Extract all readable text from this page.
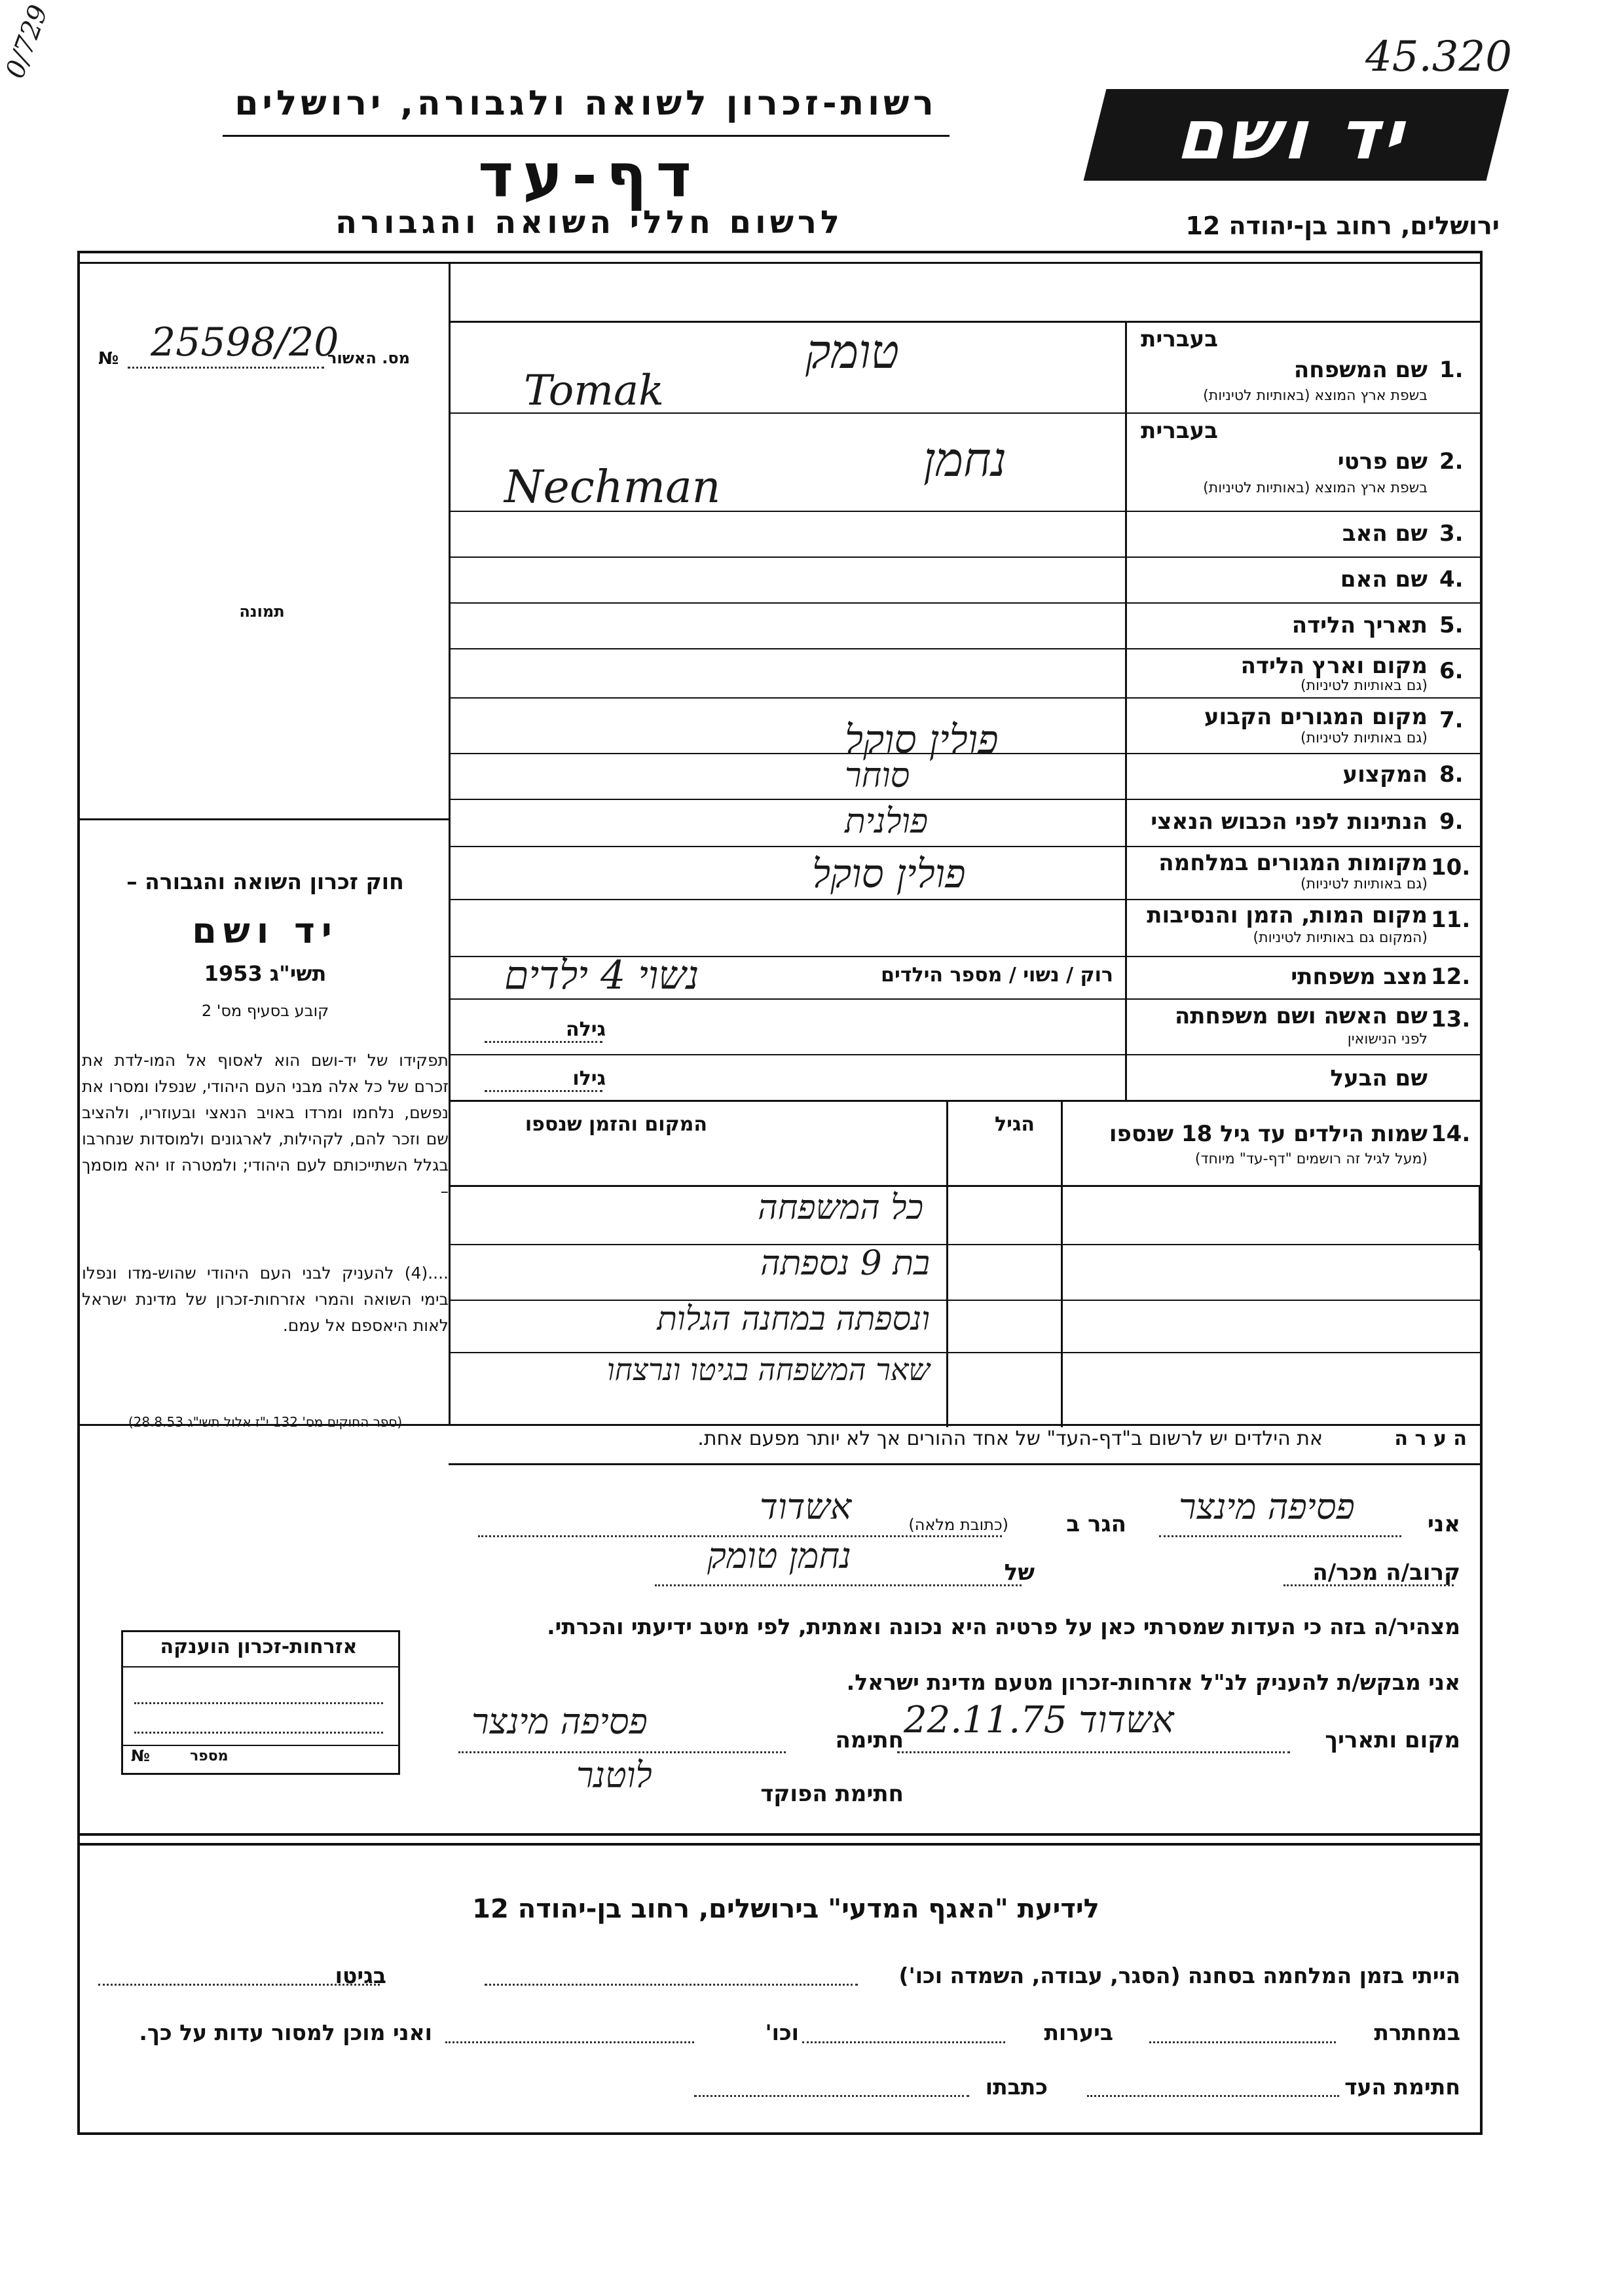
45.320
0/729
רשות-זכרון לשואה ולגבורה, ירושלים
דף-עד
לרשום חללי השואה והגבורה
יד ושם
ירושלים, רחוב בן-יהודה 12
25598/20
מס. האשור
№
תמונה
חוק זכרון השואה והגבורה –
יד ושם
תשי"ג 1953
קובע בסעיף מס' 2
תפקידו של יד-ושם הוא לאסוף אל המו-לדת את זכרם של כל אלה מבני העם היהודי, שנפלו ומסרו את נפשם, נלחמו ומרדו באויב הנאצי ובעוזריו, ולהציב שם וזכר להם, לקהילות, לארגונים ולמוסדות שנחרבו בגלל השתייכותם לעם היהודי; ולמטרה זו יהא מוסמך –
....(4) להעניק לבני העם היהודי שהוש-מדו ונפלו בימי השואה והמרי אזרחות-זכרון של מדינת ישראל לאות היאספם אל עמם.
(ספר החוקים מס' 132 י"ז אלול תשי"ג 28.8.53)
1.
2.
3.
4.
5.
6.
7.
8.
9.
10.
11.
12.
13.
14.
בעברית
שם המשפחה
בשפת ארץ המוצא (באותיות לטיניות)
טומק
Tomak
בעברית
שם פרטי
בשפת ארץ המוצא (באותיות לטיניות)
נחמן
Nechman
שם האב
שם האם
תאריך הלידה
מקום וארץ הלידה
(גם באותיות לטיניות)
מקום המגורים הקבוע
(גם באותיות לטיניות)
פולין סוקל
המקצוע
סוחר
הנתינות לפני הכבוש הנאצי
פולנית
מקומות המגורים במלחמה
(גם באותיות לטיניות)
פולין סוקל
מקום המות, הזמן והנסיבות
(המקום גם באותיות לטיניות)
מצב משפחתי
רוק / נשוי / מספר הילדים
נשוי 4 ילדים
שם האשה ושם משפחתה
לפני הנישואין
גילה
שם הבעל
גילו
שמות הילדים עד גיל 18 שנספו
(מעל לגיל זה רושמים "דף-עד" מיוחד)
הגיל
המקום והזמן שנספו
כל המשפחה
בת 9 נספתה
ונספתה במחנה הגלות
שאר המשפחה בגיטו ונרצחו
ה ע ר ה
את הילדים יש לרשום ב"דף-העד" של אחד ההורים אך לא יותר מפעם אחת.
אני
פסיפה מינצר
הגר ב
(כתובת מלאה)
אשדוד
קרוב/ה מכר/ה
של
נחמן טומק
מצהיר/ה בזה כי העדות שמסרתי כאן על פרטיה היא נכונה ואמתית, לפי מיטב ידיעתי והכרתי.
אני מבקש/ת להעניק לנ"ל אזרחות-זכרון מטעם מדינת ישראל.
מקום ותאריך
אשדוד 22.11.75
חתימה
פסיפה מינצר
חתימת הפוקד
לוטנר
אזרחות-זכרון הוענקה
מספר
№
לידיעת "האגף המדעי" בירושלים, רחוב בן-יהודה 12
הייתי בזמן המלחמה בסחנה (הסגר, עבודה, השמדה וכו')
בגיטו
במחתרת
ביערות
וכו'
ואני מוכן למסור עדות על כך.
חתימת העד
כתבתו
